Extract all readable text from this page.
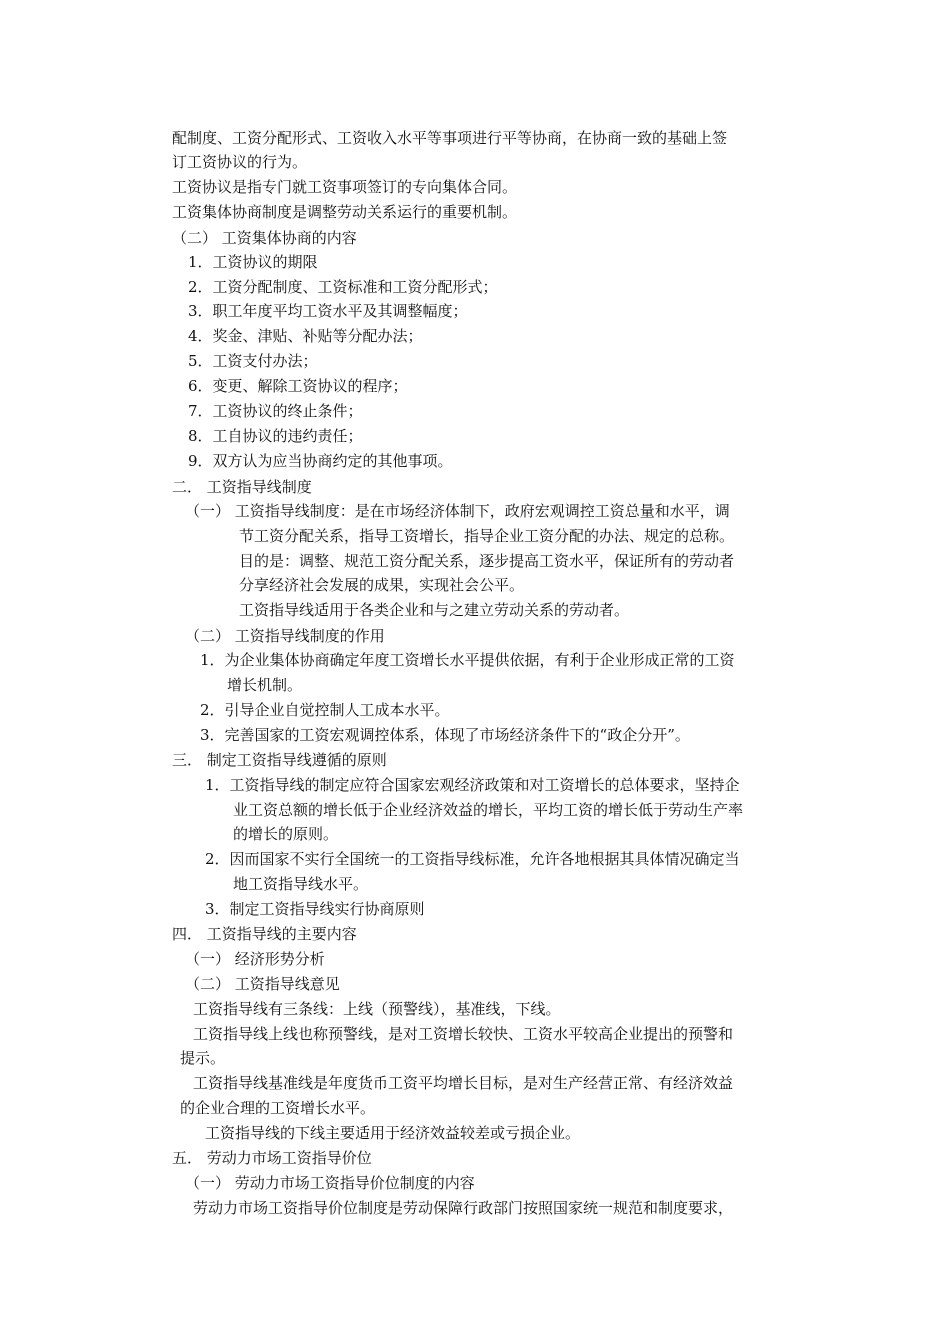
配制度、工资分配形式、工资收入水平等事项进行平等协商，在协商一致的基础上签
订工资协议的行为。
工资协议是指专门就工资事项签订的专向集体合同。
工资集体协商制度是调整劳动关系运行的重要机制。
（二） 工资集体协商的内容
1．工资协议的期限
2．工资分配制度、工资标准和工资分配形式；
3．职工年度平均工资水平及其调整幅度；
4．奖金、津贴、补贴等分配办法；
5．工资支付办法；
6．变更、解除工资协议的程序；
7．工资协议的终止条件；
8．工自协议的违约责任；
9．双方认为应当协商约定的其他事项。
二． 工资指导线制度
（一） 工资指导线制度：是在市场经济体制下，政府宏观调控工资总量和水平，调
节工资分配关系，指导工资增长，指导企业工资分配的办法、规定的总称。
目的是：调整、规范工资分配关系，逐步提高工资水平，保证所有的劳动者
分享经济社会发展的成果，实现社会公平。
工资指导线适用于各类企业和与之建立劳动关系的劳动者。
（二） 工资指导线制度的作用
1．为企业集体协商确定年度工资增长水平提供依据，有利于企业形成正常的工资
增长机制。
2．引导企业自觉控制人工成本水平。
3．完善国家的工资宏观调控体系，体现了市场经济条件下的“政企分开”。
三． 制定工资指导线遵循的原则
1．工资指导线的制定应符合国家宏观经济政策和对工资增长的总体要求，坚持企
业工资总额的增长低于企业经济效益的增长，平均工资的增长低于劳动生产率
的增长的原则。
2．因而国家不实行全国统一的工资指导线标准，允许各地根据其具体情况确定当
地工资指导线水平。
3．制定工资指导线实行协商原则
四． 工资指导线的主要内容
（一） 经济形势分析
（二） 工资指导线意见
工资指导线有三条线：上线（预警线），基准线，下线。
工资指导线上线也称预警线，是对工资增长较快、工资水平较高企业提出的预警和
提示。
工资指导线基准线是年度货币工资平均增长目标，是对生产经营正常、有经济效益
的企业合理的工资增长水平。
工资指导线的下线主要适用于经济效益较差或亏损企业。
五． 劳动力市场工资指导价位
（一） 劳动力市场工资指导价位制度的内容
劳动力市场工资指导价位制度是劳动保障行政部门按照国家统一规范和制度要求，
